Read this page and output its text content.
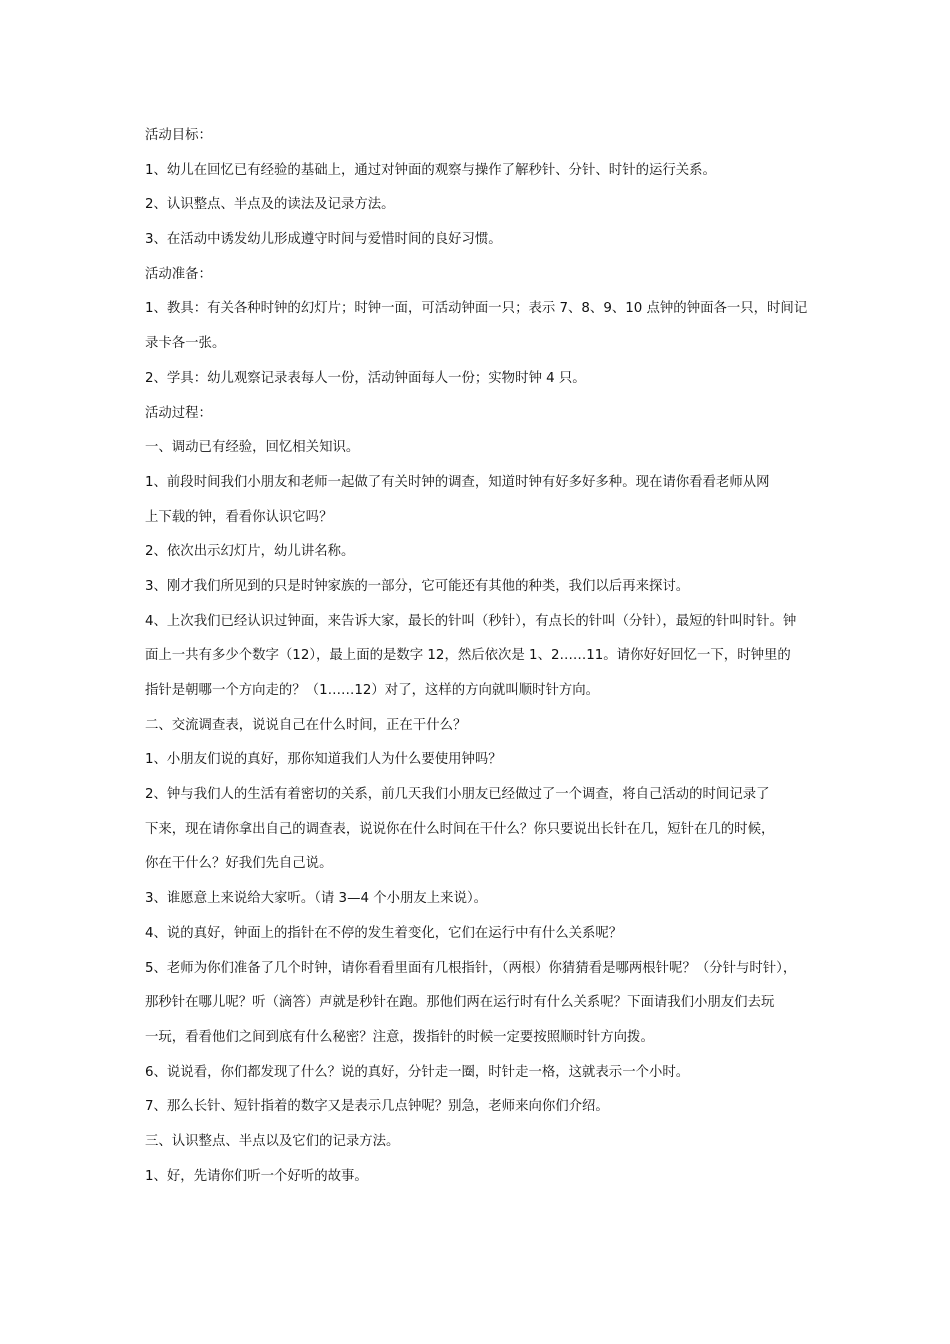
活动目标：
1、幼儿在回忆已有经验的基础上，通过对钟面的观察与操作了解秒针、分针、时针的运行关系。
2、认识整点、半点及的读法及记录方法。
3、在活动中诱发幼儿形成遵守时间与爱惜时间的良好习惯。
活动准备：
1、教具：有关各种时钟的幻灯片；时钟一面，可活动钟面一只；表示 7、8、9、10 点钟的钟面各一只，时间记
录卡各一张。
2、学具：幼儿观察记录表每人一份，活动钟面每人一份；实物时钟 4 只。
活动过程：
一、调动已有经验，回忆相关知识。
1、前段时间我们小朋友和老师一起做了有关时钟的调查，知道时钟有好多好多种。现在请你看看老师从网
上下载的钟，看看你认识它吗？
2、依次出示幻灯片，幼儿讲名称。
3、刚才我们所见到的只是时钟家族的一部分，它可能还有其他的种类，我们以后再来探讨。
4、上次我们已经认识过钟面，来告诉大家，最长的针叫（秒针），有点长的针叫（分针），最短的针叫时针。钟
面上一共有多少个数字（12），最上面的是数字 12，然后依次是 1、2……11。请你好好回忆一下，时钟里的
指针是朝哪一个方向走的？（1……12）对了，这样的方向就叫顺时针方向。
二、交流调查表，说说自己在什么时间，正在干什么？
1、小朋友们说的真好，那你知道我们人为什么要使用钟吗？
2、钟与我们人的生活有着密切的关系，前几天我们小朋友已经做过了一个调查，将自己活动的时间记录了
下来，现在请你拿出自己的调查表，说说你在什么时间在干什么？你只要说出长针在几，短针在几的时候，
你在干什么？好我们先自己说。
3、谁愿意上来说给大家听。（请 3—4 个小朋友上来说）。
4、说的真好，钟面上的指针在不停的发生着变化，它们在运行中有什么关系呢？
5、老师为你们准备了几个时钟，请你看看里面有几根指针，（两根）你猜猜看是哪两根针呢？（分针与时针），
那秒针在哪儿呢？听（滴答）声就是秒针在跑。那他们两在运行时有什么关系呢？下面请我们小朋友们去玩
一玩，看看他们之间到底有什么秘密？注意，拨指针的时候一定要按照顺时针方向拨。
6、说说看，你们都发现了什么？说的真好，分针走一圈，时针走一格，这就表示一个小时。
7、那么长针、短针指着的数字又是表示几点钟呢？别急，老师来向你们介绍。
三、认识整点、半点以及它们的记录方法。
1、好，先请你们听一个好听的故事。
